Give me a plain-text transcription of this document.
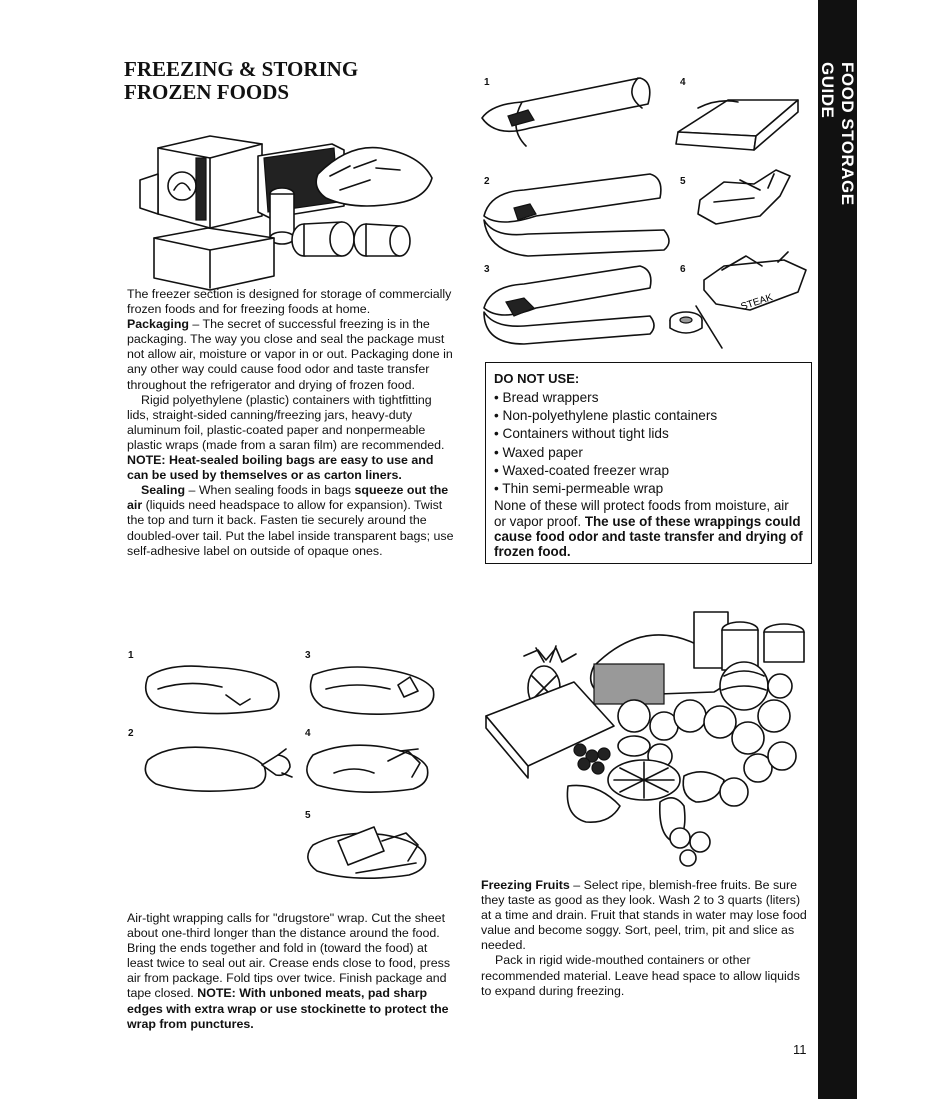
FOOD STORAGE GUIDE
FREEZING & STORING FROZEN FOODS

The freezer section is designed for storage of commercially frozen foods and for freezing foods at home.

Packaging – The secret of successful freezing is in the packaging. The way you close and seal the package must not allow air, moisture or vapor in or out. Packaging done in any other way could cause food odor and taste transfer throughout the refrigerator and drying of frozen food.

Rigid polyethylene (plastic) containers with tightfitting lids, straight-sided canning/freezing jars, heavy-duty aluminum foil, plastic-coated paper and nonpermeable plastic wraps (made from a saran film) are recommended. NOTE: Heat-sealed boiling bags are easy to use and can be used by themselves or as carton liners.

Sealing – When sealing foods in bags squeeze out the air (liquids need headspace to allow for expansion). Twist the top and turn it back. Fasten tie securely around the doubled-over tail. Put the label inside transparent bags; use self-adhesive label on outside of opaque ones.

1
2
3
4
5

Air-tight wrapping calls for "drugstore" wrap. Cut the sheet about one-third longer than the distance around the food. Bring the ends together and fold in (toward the food) at least twice to seal out air. Crease ends close to food, press air from package. Fold tips over twice. Finish package and tape closed. NOTE: With unboned meats, pad sharp edges with extra wrap or use stockinette to protect the wrap from punctures.

1
2
3
4
5
6
STEAK
DO NOT USE:
• Bread wrappers
• Non-polyethylene plastic containers
• Containers without tight lids
• Waxed paper
• Waxed-coated freezer wrap
• Thin semi-permeable wrap

None of these will protect foods from moisture, air or vapor proof. The use of these wrappings could cause food odor and taste transfer and drying of frozen food.

Freezing Fruits – Select ripe, blemish-free fruits. Be sure they taste as good as they look. Wash 2 to 3 quarts (liters) at a time and drain. Fruit that stands in water may lose food value and become soggy. Sort, peel, trim, pit and slice as needed.

Pack in rigid wide-mouthed containers or other recommended material. Leave head space to allow liquids to expand during freezing.

11
